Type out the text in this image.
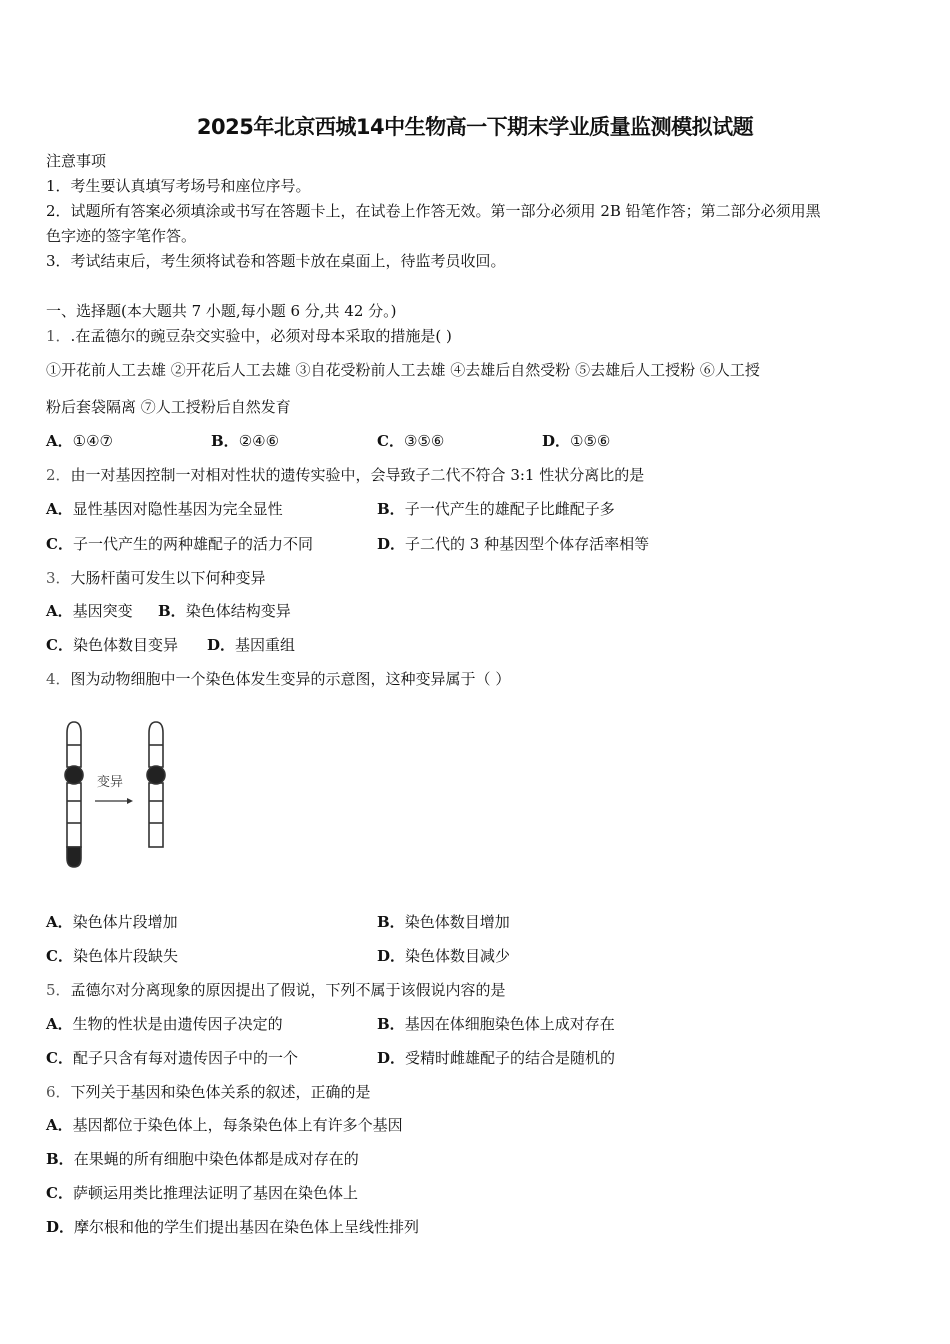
2025年北京西城14中生物高一下期末学业质量监测模拟试题
注意事项
1．考生要认真填写考场号和座位序号。
2．试题所有答案必须填涂或书写在答题卡上，在试卷上作答无效。第一部分必须用 2B 铅笔作答；第二部分必须用黑
色字迹的签字笔作答。
3．考试结束后，考生须将试卷和答题卡放在桌面上，待监考员收回。
一、选择题(本大题共 7 小题,每小题 6 分,共 42 分。)
1．.在孟德尔的豌豆杂交实验中，必须对母本采取的措施是( )
①开花前人工去雄 ②开花后人工去雄 ③自花受粉前人工去雄 ④去雄后自然受粉 ⑤去雄后人工授粉 ⑥人工授
粉后套袋隔离 ⑦人工授粉后自然发育
A．①④⑦	B．②④⑥	C．③⑤⑥	D．①⑤⑥
2．由一对基因控制一对相对性状的遗传实验中，会导致子二代不符合 3:1 性状分离比的是
A．显性基因对隐性基因为完全显性	B．子一代产生的雄配子比雌配子多
C．子一代产生的两种雄配子的活力不同	D．子二代的 3 种基因型个体存活率相等
3．大肠杆菌可发生以下何种变异
A．基因突变 B．染色体结构变异
C．染色体数目变异 D．基因重组
4．图为动物细胞中一个染色体发生变异的示意图，这种变异属于（ ）
变异
A．染色体片段增加	B．染色体数目增加
C．染色体片段缺失	D．染色体数目减少
5．孟德尔对分离现象的原因提出了假说，下列不属于该假说内容的是
A．生物的性状是由遗传因子决定的	B．基因在体细胞染色体上成对存在
C．配子只含有每对遗传因子中的一个	D．受精时雌雄配子的结合是随机的
6．下列关于基因和染色体关系的叙述，正确的是
A．基因都位于染色体上，每条染色体上有许多个基因
B．在果蝇的所有细胞中染色体都是成对存在的
C．萨顿运用类比推理法证明了基因在染色体上
D．摩尔根和他的学生们提出基因在染色体上呈线性排列
